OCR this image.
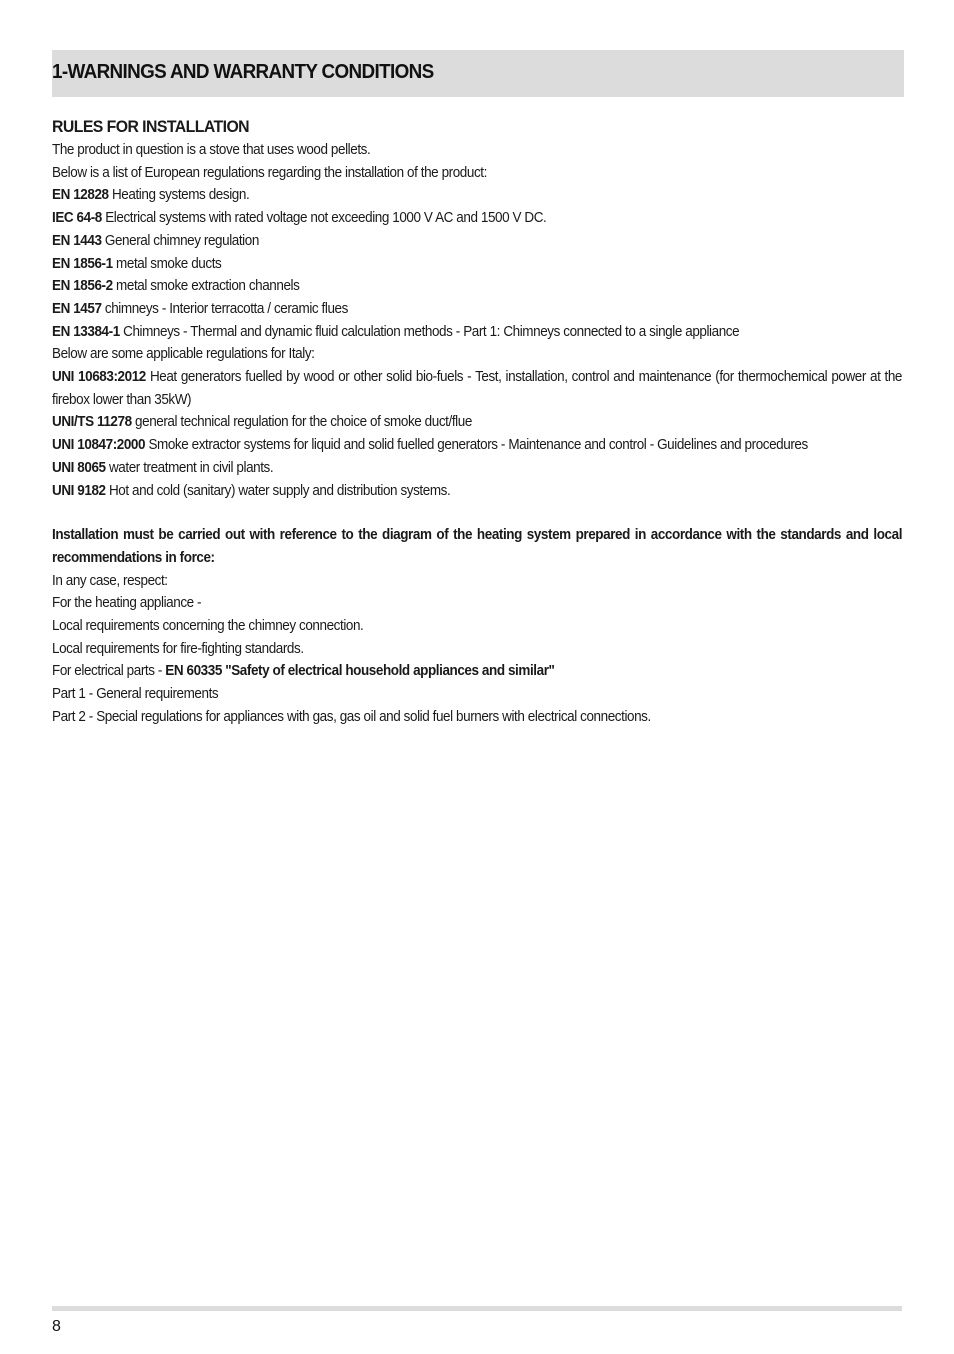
1-WARNINGS AND WARRANTY CONDITIONS

RULES FOR INSTALLATION

The product in question is a stove that uses wood pellets.

Below is a list of European regulations regarding the installation of the product:

EN 12828 Heating systems design.

IEC 64-8 Electrical systems with rated voltage not exceeding 1000 V AC and 1500 V DC.

EN 1443 General chimney regulation

EN 1856-1 metal smoke ducts

EN 1856-2 metal smoke extraction channels

EN 1457 chimneys - Interior terracotta / ceramic flues

EN 13384-1 Chimneys - Thermal and dynamic fluid calculation methods - Part 1: Chimneys connected to a single appliance

Below are some applicable regulations for Italy:

UNI 10683:2012 Heat generators fuelled by wood or other solid bio-fuels - Test, installation, control and maintenance (for thermochemical power at the firebox lower than 35kW)

UNI/TS 11278 general technical regulation for the choice of smoke duct/flue

UNI 10847:2000 Smoke extractor systems for liquid and solid fuelled generators - Maintenance and control - Guidelines and procedures

UNI 8065 water treatment in civil plants.

UNI 9182 Hot and cold (sanitary) water supply and distribution systems.

Installation must be carried out with reference to the diagram of the heating system prepared in accordance with the standards and local recommendations in force:

In any case, respect:

For the heating appliance -

Local requirements concerning the chimney connection.

Local requirements for fire-fighting standards.

For electrical parts - EN 60335 "Safety of electrical household appliances and similar"

Part 1 - General requirements

Part 2 - Special regulations for appliances with gas, gas oil and solid fuel burners with electrical connections.

8
